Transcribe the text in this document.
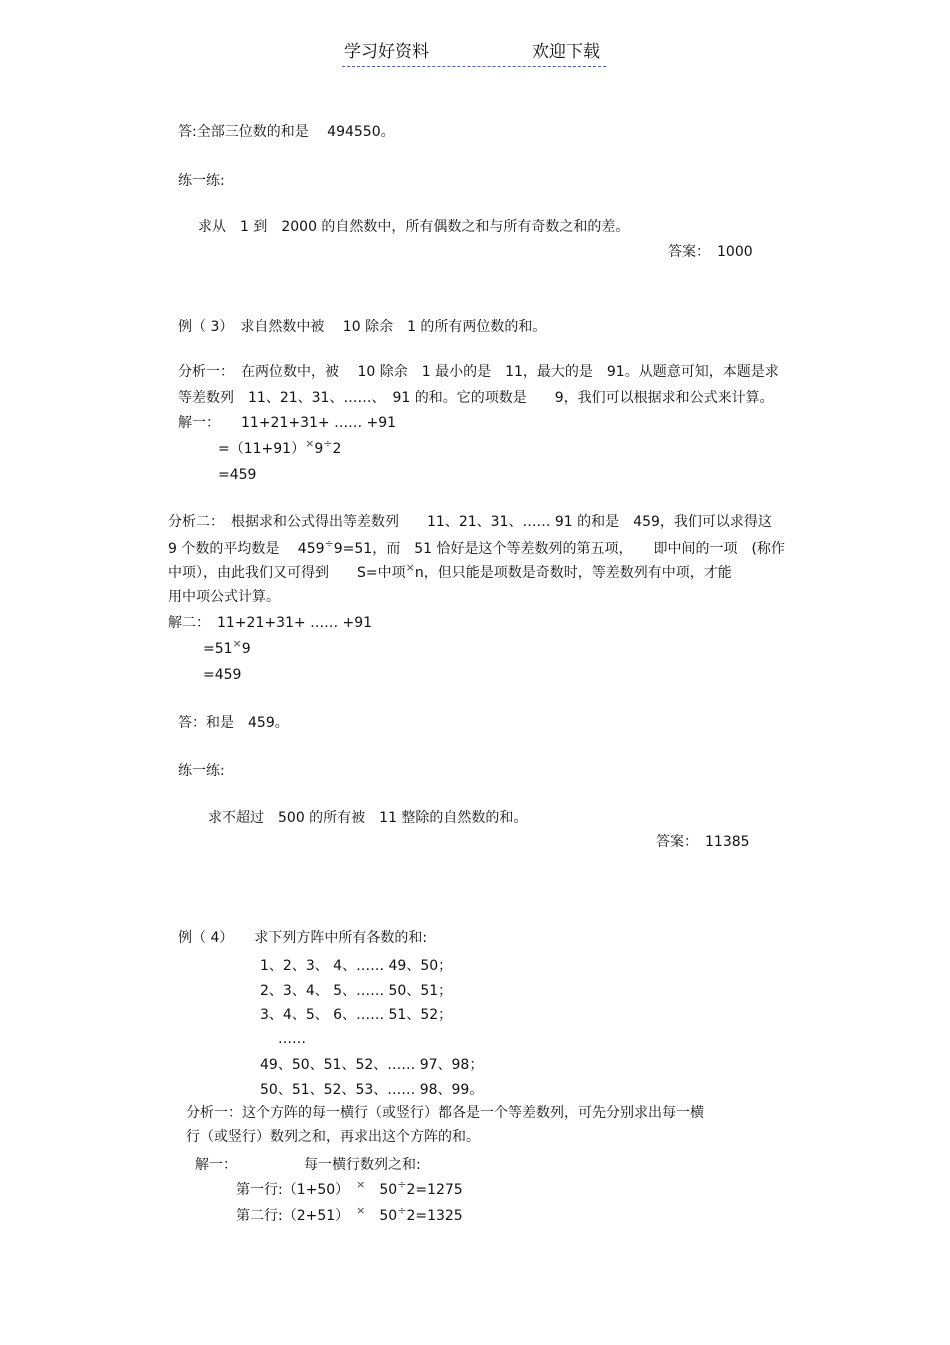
学习好资料	欢迎下载
答:全部三位数的和是　 494550。
练一练:
求从　1 到　2000 的自然数中，所有偶数之和与所有奇数之和的差。
答案：　1000
例（ 3）　求自然数中被　 10 除余　1 的所有两位数的和。
分析一：　在两位数中，被　 10 除余　1 最小的是　11，最大的是　91。从题意可知，本题是求
等差数列　11、21、31、……、　91 的和。它的项数是　　9，我们可以根据求和公式来计算。
解一：　　11+21+31+ …… +91
=（11+91）×9÷2
=459
分析二：　根据求和公式得出等差数列　　11、21、31、…… 91 的和是　459，我们可以求得这
9 个数的平均数是　 459÷9=51，而　51 恰好是这个等差数列的第五项，　　即中间的一项　(称作
中项），由此我们又可得到　　S=中项×n，但只能是项数是奇数时，等差数列有中项，才能
用中项公式计算。
解二：　11+21+31+ …… +91
=51×9
=459
答：和是　459。
练一练:
求不超过　500 的所有被　11 整除的自然数的和。
答案：　11385
例（ 4）　　求下列方阵中所有各数的和:
1、2、3、 4、…… 49、50；
2、3、4、 5、…… 50、51；
3、4、5、 6、…… 51、52；
……
49、50、51、52、…… 97、98；
50、51、52、53、…… 98、99。
分析一：这个方阵的每一横行（或竖行）都各是一个等差数列，可先分别求出每一横
行（或竖行）数列之和，再求出这个方阵的和。
解一：	每一横行数列之和:
第一行:（1+50）　 ×　 50÷2=1275
第二行:（2+51）　 ×　 50÷2=1325
